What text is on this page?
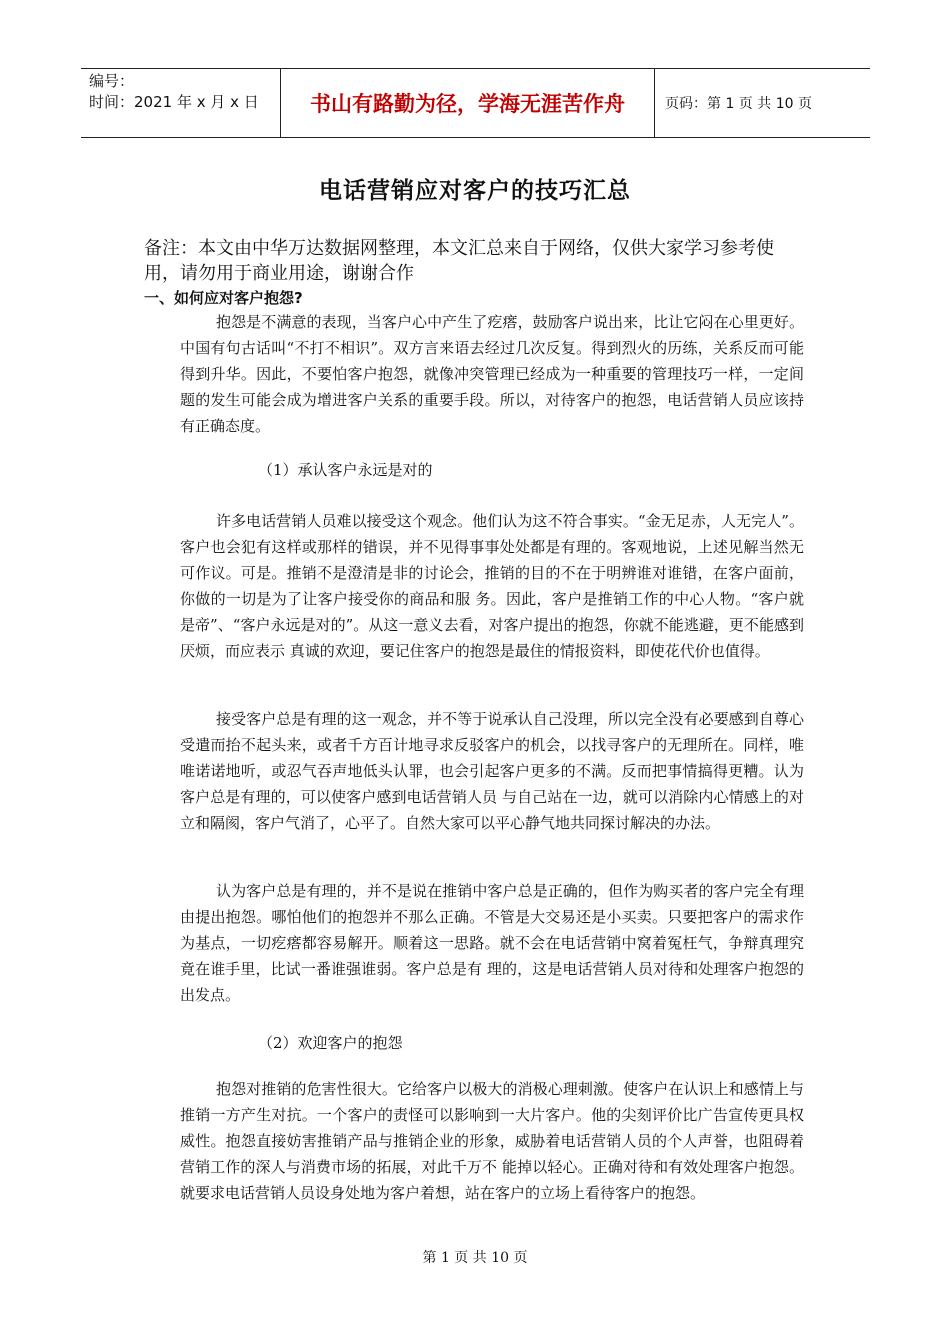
编号：
时间：2021 年 x 月 x 日	书山有路勤为径，学海无涯苦作舟	页码：第 1 页 共 10 页
电话营销应对客户的技巧汇总
备注：本文由中华万达数据网整理，本文汇总来自于网络，仅供大家学习参考使用，请勿用于商业用途，谢谢合作
一、如何应对客户抱怨?
抱怨是不满意的表现，当客户心中产生了疙瘩，鼓励客户说出来，比让它闷在心里更好。中国有句古话叫“不打不相识”。双方言来语去经过几次反复。得到烈火的历练，关系反而可能得到升华。因此，不要怕客户抱怨，就像冲突管理已经成为一种重要的管理技巧一样，一定间题的发生可能会成为增进客户关系的重要手段。所以，对待客户的抱怨，电话营销人员应该持有正确态度。
（1）承认客户永远是对的
许多电话营销人员难以接受这个观念。他们认为这不符合事实。“金无足赤，人无完人”。客户也会犯有这样或那样的错误，并不见得事事处处都是有理的。客观地说，上述见解当然无可作议。可是。推销不是澄清是非的讨论会，推销的目的不在于明辨谁对谁错，在客户面前，你做的一切是为了让客户接受你的商品和服 务。因此，客户是推销工作的中心人物。“客户就是帝”、“客户永远是对的”。从这一意义去看，对客户提出的抱怨，你就不能逃避，更不能感到厌烦，而应表示 真诚的欢迎，要记住客户的抱怨是最住的情报资料，即使花代价也值得。
接受客户总是有理的这一观念，并不等于说承认自己没理，所以完全没有必要感到自尊心受遣而抬不起头来，或者千方百计地寻求反驳客户的机会，以找寻客户的无理所在。同样，唯唯诺诺地听，或忍气吞声地低头认罪，也会引起客户更多的不满。反而把事情搞得更糟。认为客户总是有理的，可以使客户感到电话营销人员 与自己站在一边，就可以消除内心情感上的对立和隔阂，客户气消了，心平了。自然大家可以平心静气地共同探讨解决的办法。
认为客户总是有理的，并不是说在推销中客户总是正确的，但作为购买者的客户完全有理由提出抱怨。哪怕他们的抱怨并不那么正确。不管是大交易还是小买卖。只要把客户的需求作为基点，一切疙瘩都容易解开。顺着这一思路。就不会在电话营销中窝着冤枉气，争辩真理究竟在谁手里，比试一番谁强谁弱。客户总是有 理的，这是电话营销人员对待和处理客户抱怨的出发点。
（2）欢迎客户的抱怨
抱怨对推销的危害性很大。它给客户以极大的消极心理刺激。使客户在认识上和感情上与推销一方产生对抗。一个客户的责怪可以影响到一大片客户。他的尖刻评价比广告宣传更具权威性。抱怨直接妨害推销产品与推销企业的形象，威胁着电话营销人员的个人声誉，也阻碍着营销工作的深人与消费市场的拓展，对此千万不 能掉以轻心。正确对待和有效处理客户抱怨。就要求电话营销人员设身处地为客户着想，站在客户的立场上看待客户的抱怨。
第 1 页 共 10 页
